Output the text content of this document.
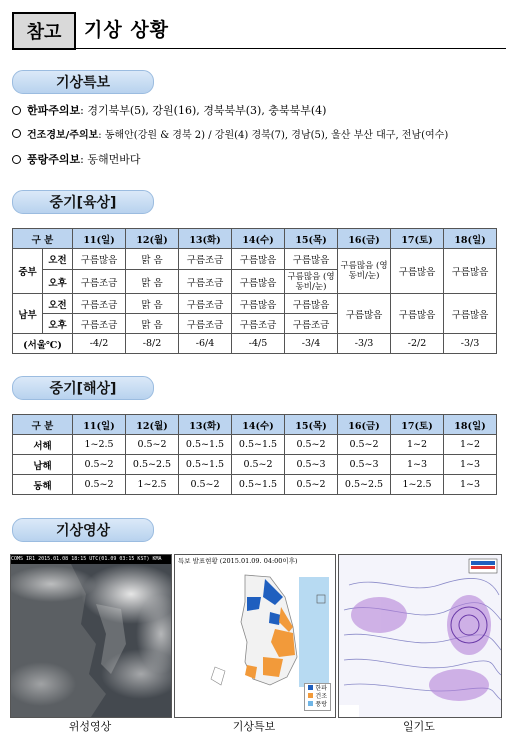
참고 기상 상황
기상특보
한파주의보 : 경기북부(5), 강원(16), 경북북부(3), 충북북부(4)
건조경보/주의보 : 동해안(강원 & 경북 2) / 강원(4) 경북(7), 경남(5), 울산 부산 대구, 전남(여수)
풍랑주의보 : 동해먼바다
중기[육상]
구 분		11(일)	12(월)	13(화)	14(수)	15(목)	16(금)	17(토)	18(일)
중부	오전	구름많음	맑 음	구름조금	구름많음	구름많음	구름많음 (영동비/눈)	구름많음	구름많음
	오후	구름조금	맑 음	구름조금	구름많음	구름많음 (영동비/눈)			
남부	오전	구름조금	맑 음	구름조금	구름많음	구름많음	구름많음	구름많음	구름많음
	오후	구름조금	맑 음	구름조금	구름조금	구름조금			
(서울℃)		-4/2	-8/2	-6/4	-4/5	-3/4	-3/3	-2/2	-3/3
중기[해상]
구 분	11(일)	12(월)	13(화)	14(수)	15(목)	16(금)	17(토)	18(일)
서해	1~2.5	0.5~2	0.5~1.5	0.5~1.5	0.5~2	0.5~2	1~2	1~2
남해	0.5~2	0.5~2.5	0.5~1.5	0.5~2	0.5~3	0.5~3	1~3	1~3
동해	0.5~2	1~2.5	0.5~2	0.5~1.5	0.5~2	0.5~2.5	1~2.5	1~3
기상영상
COMS IR1 2015.01.08 18:15 UTC(01.09 03:15 KST) KMA	특보 발표현황 (2015.01.09. 04:00이후)
한파
건조
풍랑
위성영상	기상특보	일기도
